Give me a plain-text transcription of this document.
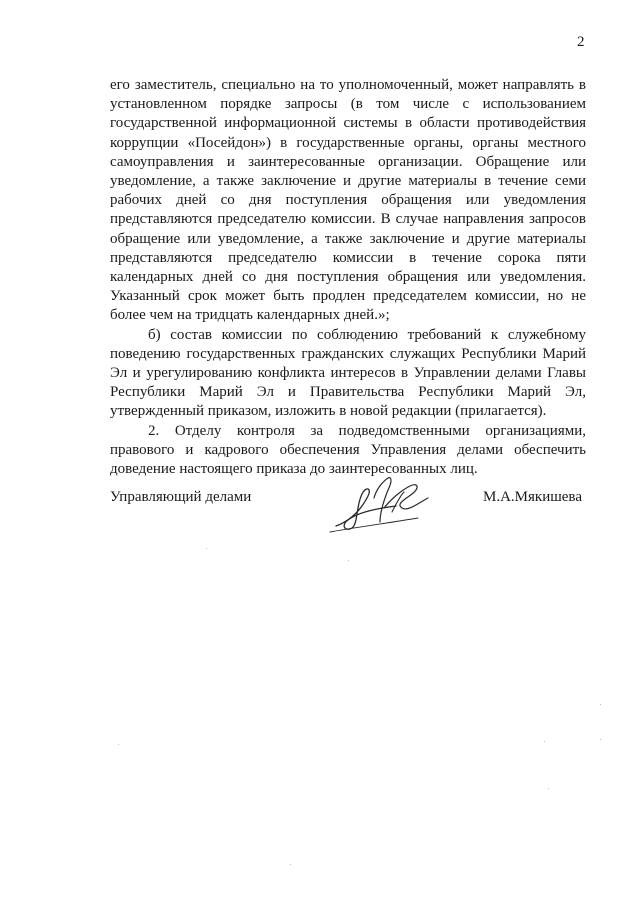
2

его заместитель, специально на то уполномоченный, может направлять в установленном порядке запросы (в том числе с использованием государственной информационной системы в области противодействия коррупции «Посейдон») в государственные органы, органы местного самоуправления и заинтересованные организации. Обращение или уведомление, а также заключение и другие материалы в течение семи рабочих дней со дня поступления обращения или уведомления представляются председателю комиссии. В случае направления запросов обращение или уведомление, а также заключение и другие материалы представляются председателю комиссии в течение сорока пяти календарных дней со дня поступления обращения или уведомления. Указанный срок может быть продлен председателем комиссии, но не более чем на тридцать календарных дней.»;

б) состав комиссии по соблюдению требований к служебному поведению государственных гражданских служащих Республики Марий Эл и урегулированию конфликта интересов в Управлении делами Главы Республики Марий Эл и Правительства Республики Марий Эл, утвержденный приказом, изложить в новой редакции (прилагается).

2. Отделу контроля за подведомственными организациями, правового и кадрового обеспечения Управления делами обеспечить доведение настоящего приказа до заинтересованных лиц.

Управляющий делами	М.А.Мякишева
